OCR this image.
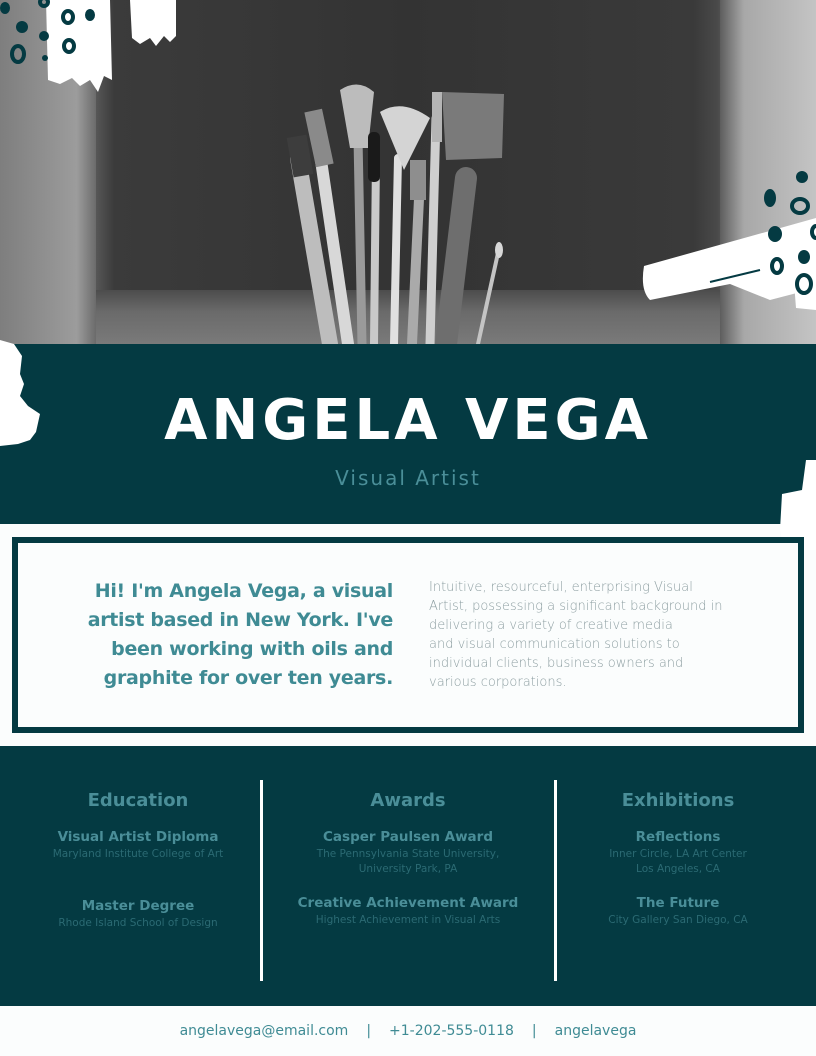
ANGELA VEGA
Visual Artist
Hi! I'm Angela Vega, a visual
artist based in New York. I've
been working with oils and
graphite for over ten years.
Intuitive, resourceful, enterprising Visual
Artist, possessing a significant background in
delivering a variety of creative media
and visual communication solutions to
individual clients, business owners and
various corporations.
Education
Visual Artist Diploma

Maryland Institute College of Art

Master Degree

Rhode Island School of Design

Awards
Casper Paulsen Award

The Pennsylvania State University,

University Park, PA

Creative Achievement Award

Highest Achievement in Visual Arts

Exhibitions
Reflections

Inner Circle, LA Art Center

Los Angeles, CA

The Future

City Gallery San Diego, CA

angelavega@email.com | +1-202-555-0118 | angelavega
